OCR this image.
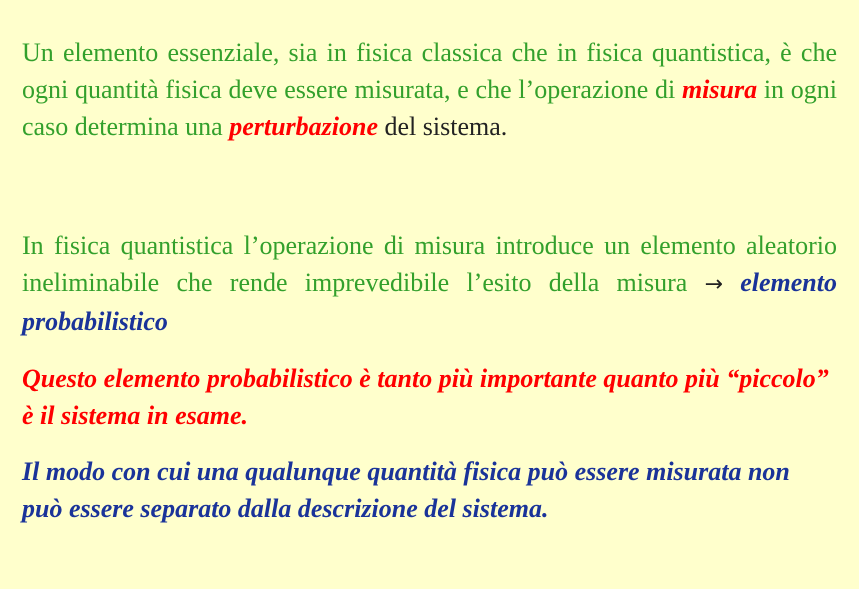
Un elemento essenziale, sia in fisica classica che in fisica quantistica, è che ogni quantità fisica deve essere misurata, e che l’operazione di misura in ogni caso determina una perturbazione del sistema.
In fisica quantistica l’operazione di misura introduce un elemento aleatorio ineliminabile che rende imprevedibile l’esito della misura → elemento probabilistico
Questo elemento probabilistico è tanto più importante quanto più “piccolo” è il sistema in esame.
Il modo con cui una qualunque quantità fisica può essere misurata non può essere separato dalla descrizione del sistema.
